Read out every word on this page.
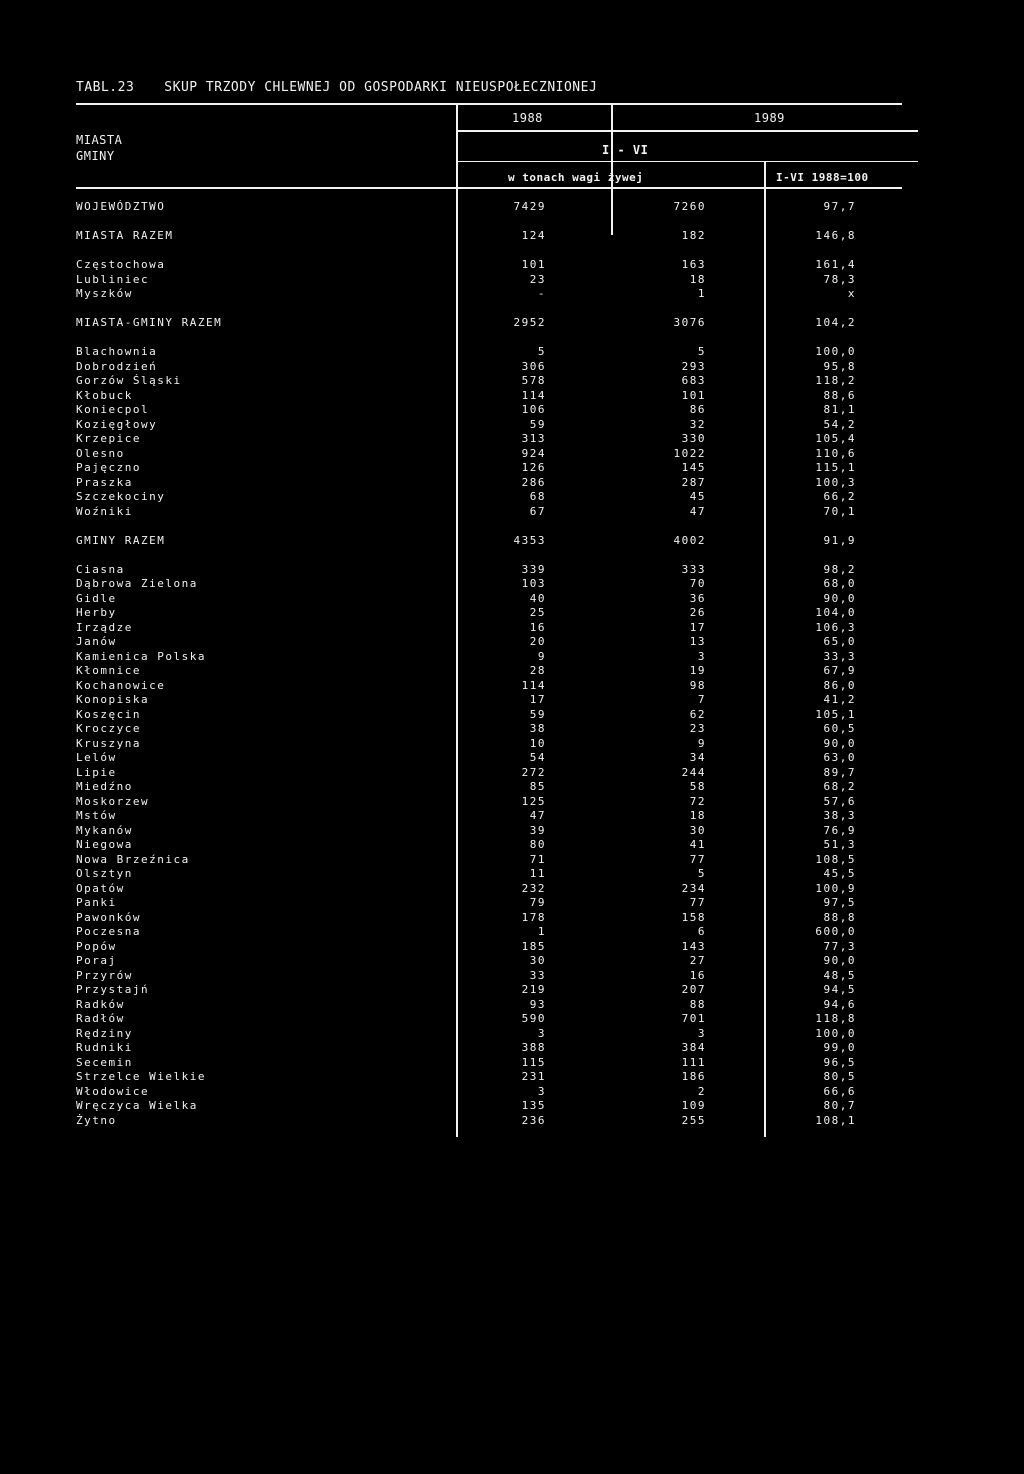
TABL.23 SKUP TRZODY CHLEWNEJ OD GOSPODARKI NIEUSPOŁECZNIONEJ
MIASTA
GMINY
1988	1989
I - VI
w tonach wagi żywej	I-VI 1988=100
WOJEWÓDZTWO	7429	7260	97,7

MIASTA RAZEM	124	182	146,8

Częstochowa	101	163	161,4
Lubliniec	23	18	78,3
Myszków	-	1	x

MIASTA-GMINY RAZEM	2952	3076	104,2

Blachownia	5	5	100,0
Dobrodzień	306	293	95,8
Gorzów Śląski	578	683	118,2
Kłobuck	114	101	88,6
Koniecpol	106	86	81,1
Kozięgłowy	59	32	54,2
Krzepice	313	330	105,4
Olesno	924	1022	110,6
Pajęczno	126	145	115,1
Praszka	286	287	100,3
Szczekociny	68	45	66,2
Woźniki	67	47	70,1

GMINY RAZEM	4353	4002	91,9

Ciasna	339	333	98,2
Dąbrowa Zielona	103	70	68,0
Gidle	40	36	90,0
Herby	25	26	104,0
Irządze	16	17	106,3
Janów	20	13	65,0
Kamienica Polska	9	3	33,3
Kłomnice	28	19	67,9
Kochanowice	114	98	86,0
Konopiska	17	7	41,2
Koszęcin	59	62	105,1
Kroczyce	38	23	60,5
Kruszyna	10	9	90,0
Lelów	54	34	63,0
Lipie	272	244	89,7
Miedźno	85	58	68,2
Moskorzew	125	72	57,6
Mstów	47	18	38,3
Mykanów	39	30	76,9
Niegowa	80	41	51,3
Nowa Brzeźnica	71	77	108,5
Olsztyn	11	5	45,5
Opatów	232	234	100,9
Panki	79	77	97,5
Pawonków	178	158	88,8
Poczesna	1	6	600,0
Popów	185	143	77,3
Poraj	30	27	90,0
Przyrów	33	16	48,5
Przystajń	219	207	94,5
Radków	93	88	94,6
Radłów	590	701	118,8
Rędziny	3	3	100,0
Rudniki	388	384	99,0
Secemin	115	111	96,5
Strzelce Wielkie	231	186	80,5
Włodowice	3	2	66,6
Wręczyca Wielka	135	109	80,7
Żytno	236	255	108,1
